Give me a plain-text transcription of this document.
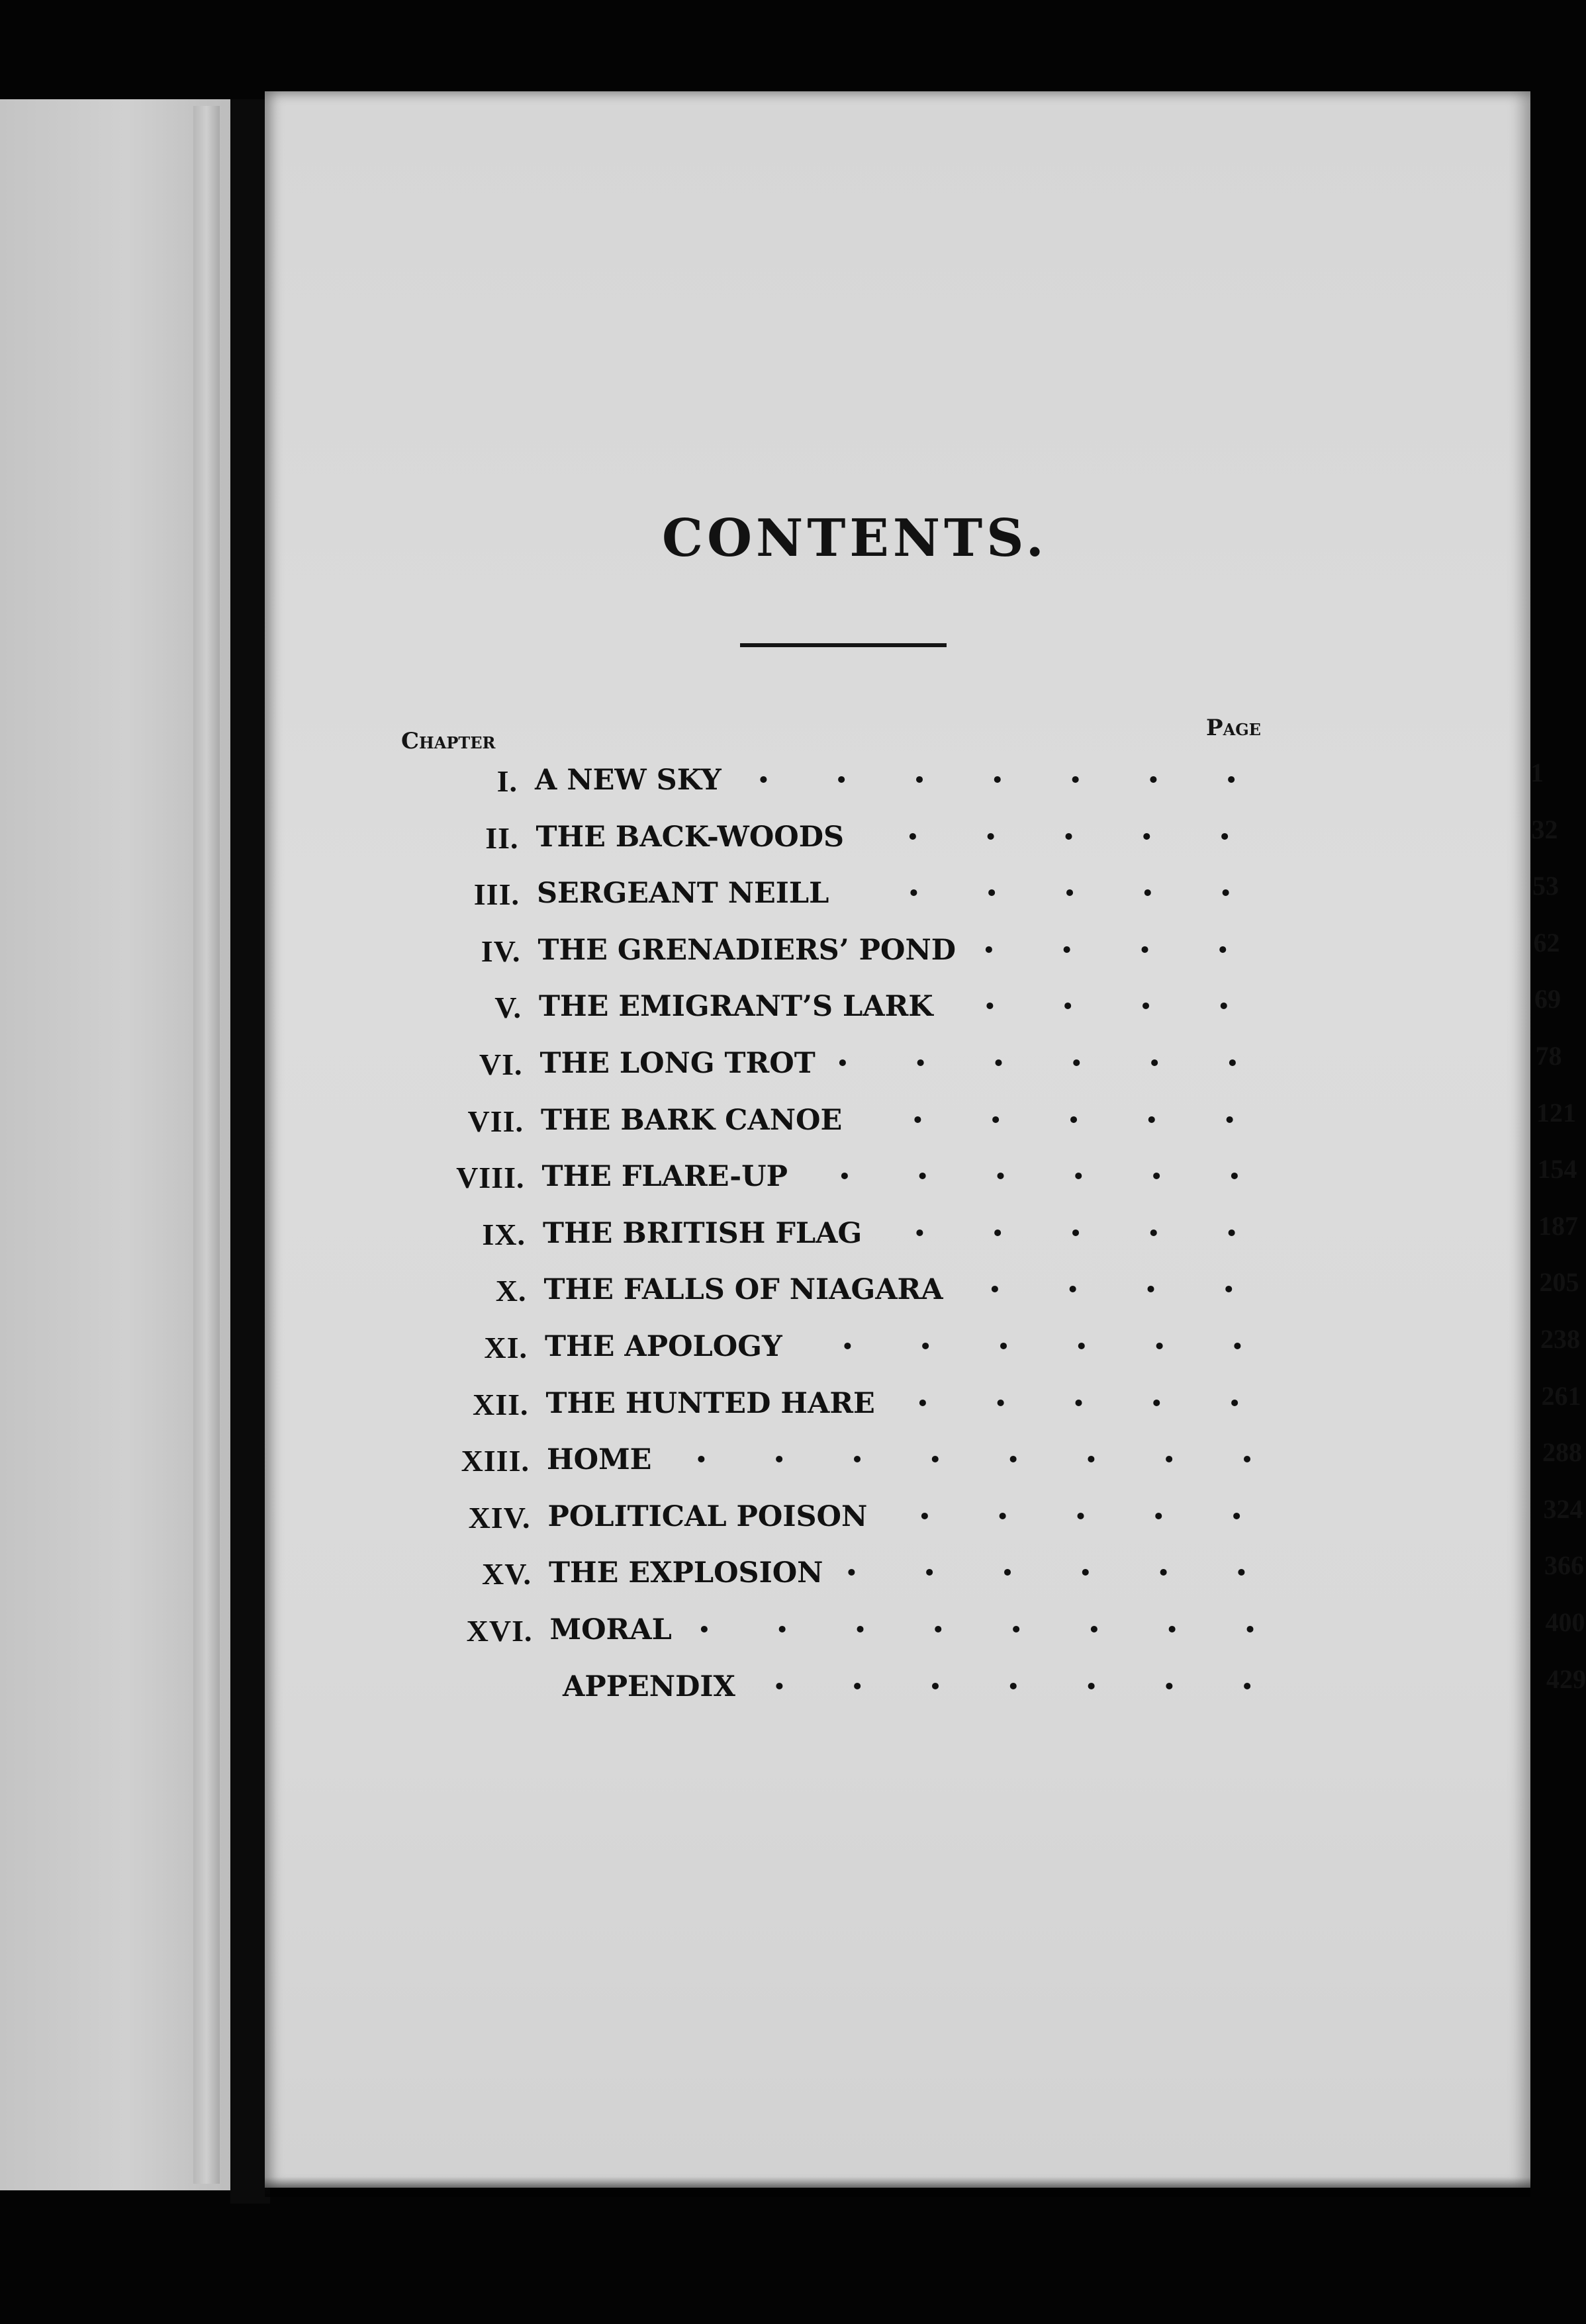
CONTENTS.
Chapter	Page
I. A NEW SKY ·  ·  ·  ·  ·  ·  ·	1
II. THE BACK-WOODS ·  ·  ·  ·  ·	32
III. SERGEANT NEILL ·  ·  ·  ·  ·	53
IV. THE GRENADIERS’ POND ·  ·  ·  ·	62
V. THE EMIGRANT’S LARK ·  ·  ·  ·	69
VI. THE LONG TROT ·  ·  ·  ·  ·  ·	78
VII. THE BARK CANOE ·  ·  ·  ·  ·	121
VIII. THE FLARE-UP ·  ·  ·  ·  ·  ·	154
IX. THE BRITISH FLAG ·  ·  ·  ·  ·	187
X. THE FALLS OF NIAGARA ·  ·  ·  ·	205
XI. THE APOLOGY ·  ·  ·  ·  ·  ·	238
XII. THE HUNTED HARE ·  ·  ·  ·  ·	261
XIII. HOME ·  ·  ·  ·  ·  ·  ·  ·	288
XIV. POLITICAL POISON ·  ·  ·  ·  ·	324
XV. THE EXPLOSION ·  ·  ·  ·  ·  ·	366
XVI. MORAL ·  ·  ·  ·  ·  ·  ·  ·	400
APPENDIX ·  ·  ·  ·  ·  ·  ·	429
